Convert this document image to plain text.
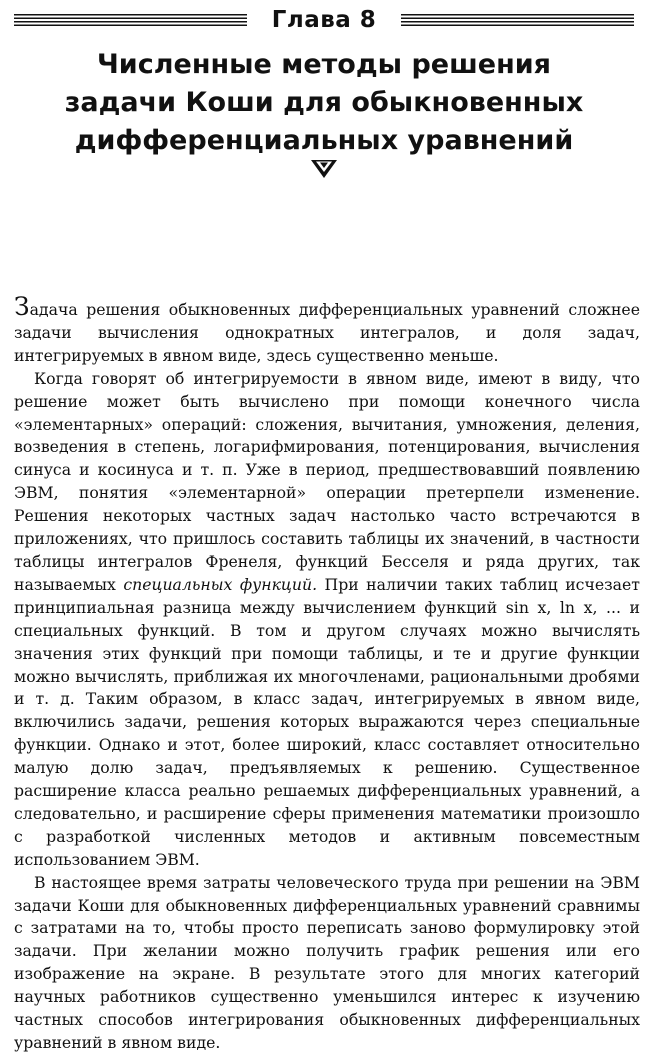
Глава 8
Численные методы решения
задачи Коши для обыкновенных
дифференциальных уравнений

Задача решения обыкновенных дифференциальных уравнений сложнее задачи вычисления однократных интегралов, и доля задач, интегрируемых в явном виде, здесь существенно меньше.

Когда говорят об интегрируемости в явном виде, имеют в виду, что решение может быть вычислено при помощи конечного числа «элементарных» операций: сложения, вычитания, умножения, деления, возведения в степень, логарифмирования, потенцирования, вычисления синуса и косинуса и т. п. Уже в период, предшествовавший появлению ЭВМ, понятия «элементарной» операции претерпели изменение. Решения некоторых частных задач настолько часто встречаются в приложениях, что пришлось составить таблицы их значений, в частности таблицы интегралов Френеля, функций Бесселя и ряда других, так называемых специальных функций. При наличии таких таблиц исчезает принципиальная разница между вычислением функций sin x, ln x, ... и специальных функций. В том и другом случаях можно вычислять значения этих функций при помощи таблицы, и те и другие функции можно вычислять, приближая их многочленами, рациональными дробями и т. д. Таким образом, в класс задач, интегрируемых в явном виде, включились задачи, решения которых выражаются через специальные функции. Однако и этот, более широкий, класс составляет относительно малую долю задач, предъявляемых к решению. Существенное расширение класса реально решаемых дифференциальных уравнений, а следовательно, и расширение сферы применения математики произошло с разработкой численных методов и активным повсеместным использованием ЭВМ.

В настоящее время затраты человеческого труда при решении на ЭВМ задачи Коши для обыкновенных дифференциальных уравнений сравнимы с затратами на то, чтобы просто переписать заново формулировку этой задачи. При желании можно получить график решения или его изображение на экране. В результате этого для многих категорий научных работников существенно уменьшился интерес к изучению частных способов интегрирования обыкновенных дифференциальных уравнений в явном виде.
